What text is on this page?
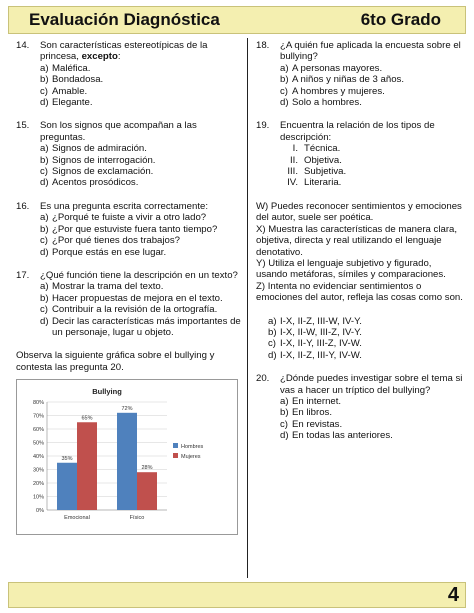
Evaluación Diagnóstica	6to Grado
14.	Son características estereotípicas de la princesa, excepto:
a) Maléfica.
b) Bondadosa.
c) Amable.
d) Elegante.
15.	Son los signos que acompañan a las preguntas.
a) Signos de admiración.
b) Signos de interrogación.
c) Signos de exclamación.
d) Acentos prosódicos.
16.	Es una pregunta escrita correctamente:
a) ¿Porqué te fuiste a vivir a otro lado?
b) ¿Por que estuviste fuera tanto tiempo?
c) ¿Por qué tienes dos trabajos?
d) Porque estás en ese lugar.
17.	¿Qué función tiene la descripción en un texto?
a) Mostrar la trama del texto.
b) Hacer propuestas de mejora en el texto.
c) Contribuir a la revisión de la ortografía.
d) Decir las características más importantes de un personaje, lugar u objeto.
Observa la siguiente gráfica sobre el bullying y contesta las pregunta 20.
Bullying
0%
10%
20%
30%
40%
50%
60%
70%
80%
35%
65%
Emocional
72%
28%
Físico
Hombres
Mujeres
18.	¿A quién fue aplicada la encuesta sobre el bullying?
a) A personas mayores.
b) A niños y niñas de 3 años.
c) A hombres y mujeres.
d) Solo a hombres.
19.	Encuentra la relación de los tipos de descripción:
I. Técnica.
II. Objetiva.
III. Subjetiva.
IV. Literaria.
W) Puedes reconocer sentimientos y emociones del autor, suele ser poética.
X) Muestra las características de manera clara, objetiva, directa y real utilizando el lenguaje denotativo.
Y) Utiliza el lenguaje subjetivo y figurado, usando metáforas, símiles y comparaciones.
Z) Intenta no evidenciar sentimientos o emociones del autor, refleja las cosas como son.
a) I-X, II-Z, III-W, IV-Y.
b) I-X, II-W, III-Z, IV-Y.
c) I-X, II-Y, III-Z, IV-W.
d) I-X, II-Z, III-Y, IV-W.
20.	¿Dónde puedes investigar sobre el tema si vas a hacer un tríptico del bullying?
a) En internet.
b) En libros.
c) En revistas.
d) En todas las anteriores.
4
